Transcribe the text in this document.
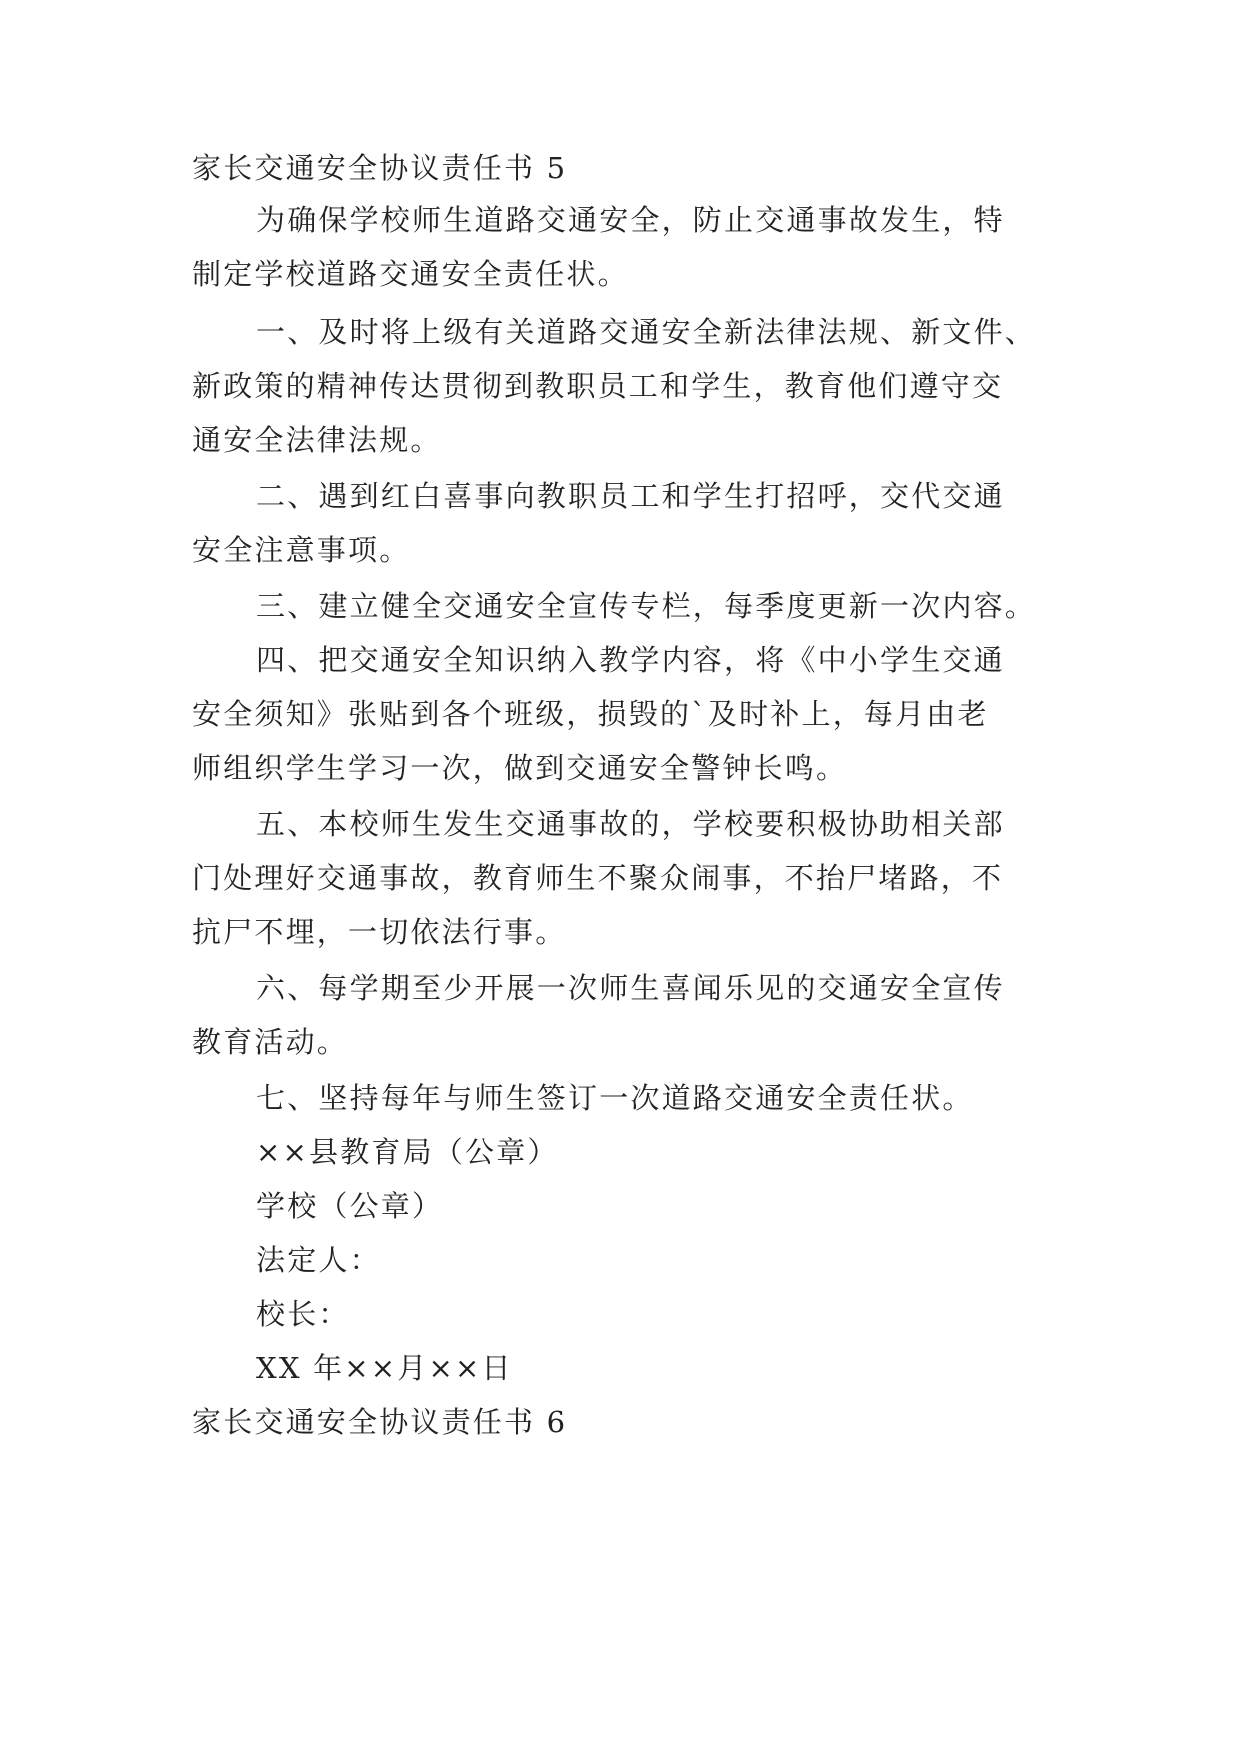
家长交通安全协议责任书 5
为确保学校师生道路交通安全，防止交通事故发生，特
制定学校道路交通安全责任状。
一、及时将上级有关道路交通安全新法律法规、新文件、
新政策的精神传达贯彻到教职员工和学生，教育他们遵守交
通安全法律法规。
二、遇到红白喜事向教职员工和学生打招呼，交代交通
安全注意事项。
三、建立健全交通安全宣传专栏，每季度更新一次内容。
四、把交通安全知识纳入教学内容，将《中小学生交通
安全须知》张贴到各个班级，损毁的`及时补上，每月由老
师组织学生学习一次，做到交通安全警钟长鸣。
五、本校师生发生交通事故的，学校要积极协助相关部
门处理好交通事故，教育师生不聚众闹事，不抬尸堵路，不
抗尸不埋，一切依法行事。
六、每学期至少开展一次师生喜闻乐见的交通安全宣传
教育活动。
七、坚持每年与师生签订一次道路交通安全责任状。
××县教育局（公章）
学校（公章）
法定人：
校长：
XX 年××月××日
家长交通安全协议责任书 6
